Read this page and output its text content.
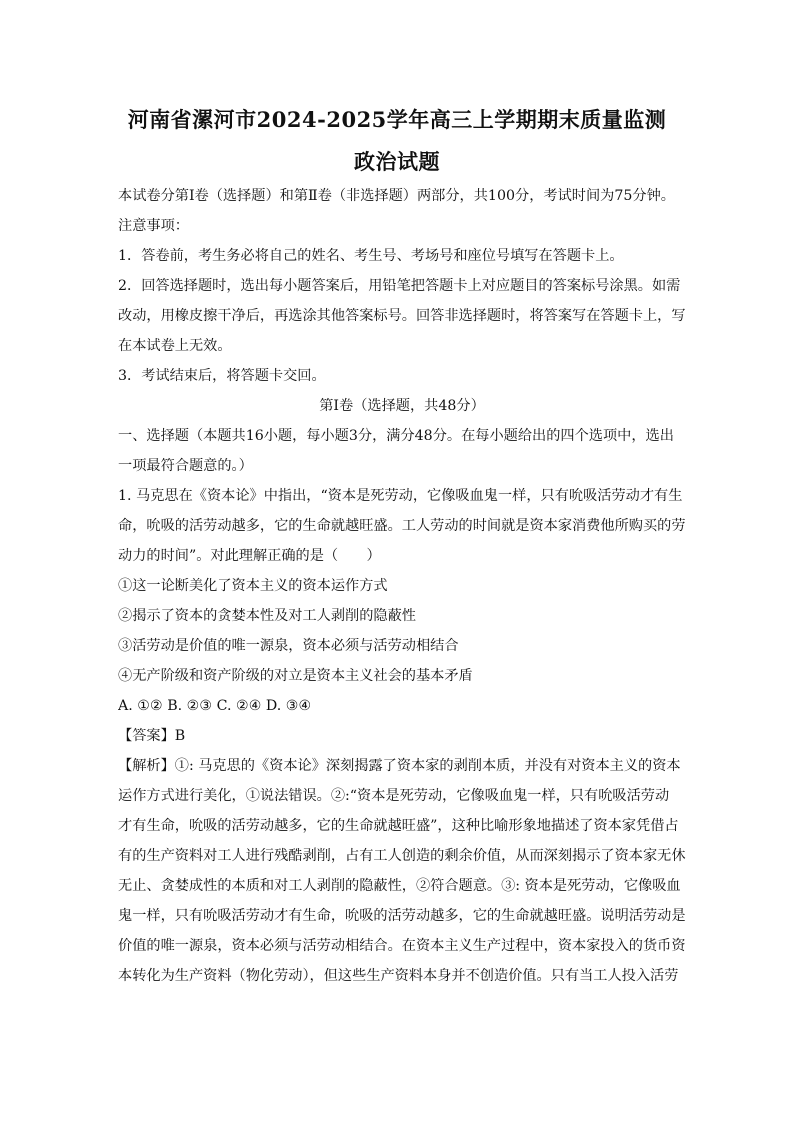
河南省漯河市2024-2025学年高三上学期期末质量监测
政治试题
本试卷分第Ⅰ卷（选择题）和第Ⅱ卷（非选择题）两部分，共100分，考试时间为75分钟。
注意事项：
1．答卷前，考生务必将自己的姓名、考生号、考场号和座位号填写在答题卡上。
2．回答选择题时，选出每小题答案后，用铅笔把答题卡上对应题目的答案标号涂黑。如需
改动，用橡皮擦干净后，再选涂其他答案标号。回答非选择题时，将答案写在答题卡上，写
在本试卷上无效。
3．考试结束后，将答题卡交回。
第Ⅰ卷（选择题，共48分）
一、选择题（本题共16小题，每小题3分，满分48分。在每小题给出的四个选项中，选出
一项最符合题意的。）
1. 马克思在《资本论》中指出，“资本是死劳动，它像吸血鬼一样，只有吮吸活劳动才有生
命，吮吸的活劳动越多，它的生命就越旺盛。工人劳动的时间就是资本家消费他所购买的劳
动力的时间”。对此理解正确的是（　　）
①这一论断美化了资本主义的资本运作方式
②揭示了资本的贪婪本性及对工人剥削的隐蔽性
③活劳动是价值的唯一源泉，资本必须与活劳动相结合
④无产阶级和资产阶级的对立是资本主义社会的基本矛盾
A. ①② B. ②③ C. ②④ D. ③④
【答案】B
【解析】①: 马克思的《资本论》深刻揭露了资本家的剥削本质，并没有对资本主义的资本
运作方式进行美化，①说法错误。②:“资本是死劳动，它像吸血鬼一样，只有吮吸活劳动
才有生命，吮吸的活劳动越多，它的生命就越旺盛”，这种比喻形象地描述了资本家凭借占
有的生产资料对工人进行残酷剥削，占有工人创造的剩余价值，从而深刻揭示了资本家无休
无止、贪婪成性的本质和对工人剥削的隐蔽性，②符合题意。③: 资本是死劳动，它像吸血
鬼一样，只有吮吸活劳动才有生命，吮吸的活劳动越多，它的生命就越旺盛。说明活劳动是
价值的唯一源泉，资本必须与活劳动相结合。在资本主义生产过程中，资本家投入的货币资
本转化为生产资料（物化劳动），但这些生产资料本身并不创造价值。只有当工人投入活劳
